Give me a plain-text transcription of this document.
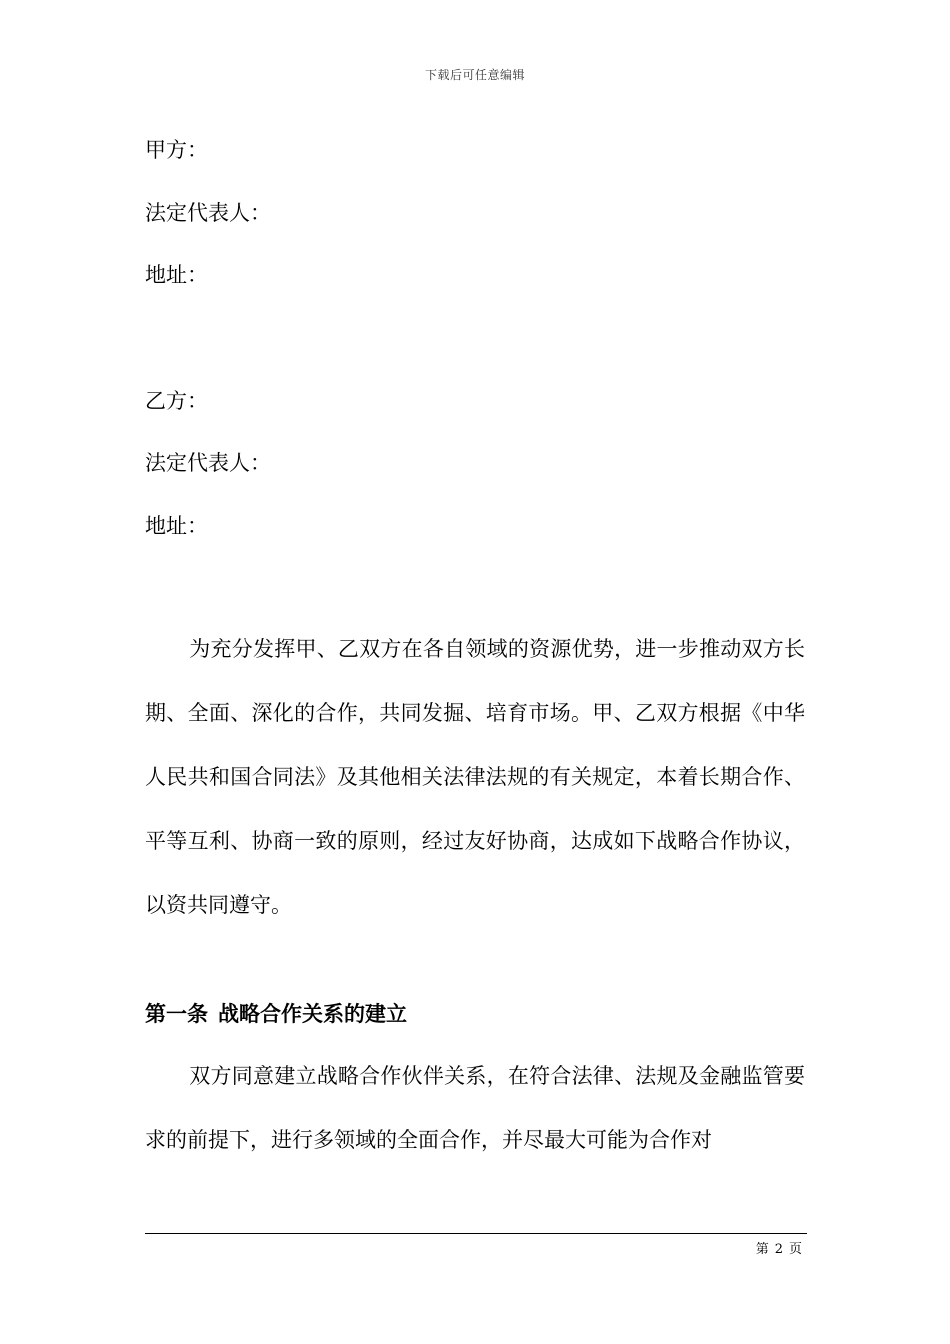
下载后可任意编辑
甲方：
法定代表人：
地址：
乙方：
法定代表人：
地址：
为充分发挥甲、乙双方在各自领域的资源优势，进一步推动双方长期、全面、深化的合作，共同发掘、培育市场。甲、乙双方根据《中华人民共和国合同法》及其他相关法律法规的有关规定，本着长期合作、平等互利、协商一致的原则，经过友好协商，达成如下战略合作协议，以资共同遵守。
第一条 战略合作关系的建立
双方同意建立战略合作伙伴关系，在符合法律、法规及金融监管要求的前提下，进行多领域的全面合作，并尽最大可能为合作对
第 2 页
